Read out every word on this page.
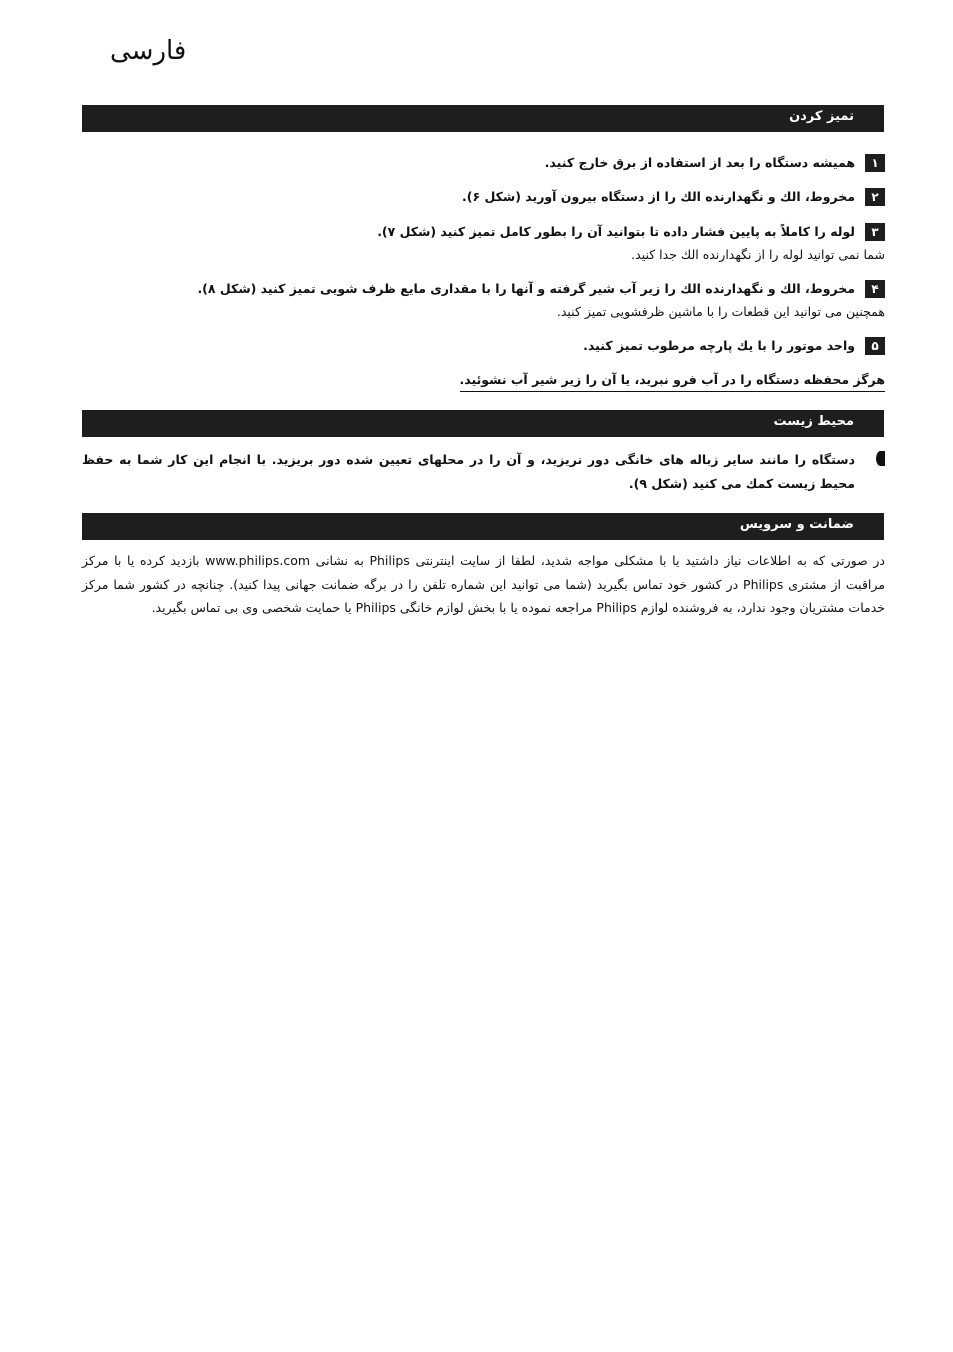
فارسی
تمیز کردن
۱
همیشه دستگاه را بعد از استفاده از برق خارج کنید.
۲
مخروط، الك و نگهدارنده الك را از دستگاه بیرون آورید (شکل ۶).
۳
لوله را كاملاً به پایین فشار داده تا بتوانید آن را بطور کامل تمیز کنید (شکل ۷).
شما نمی توانید لوله را از نگهدارنده الك جدا كنيد.
۴
مخروط، الك و نگهدارنده الك را زير آب شير گرفته و آنها را با مقداری مایع ظرف شویی تمیز کنید (شکل ۸).
همچنین می توانید این قطعات را با ماشین ظرفشویی تمیز کنید.
۵
واحد موتور را با يك پارچه مرطوب تميز كنيد.
هرگز محفظه دستگاه را در آب فرو نبرید، یا آن را زیر شیر آب نشوئید.
محیط زیست
دستگاه را مانند سایر زباله های خانگی دور نریزید، و آن را در محلهای تعیین شده دور بریزید. با انجام این کار شما به حفظ محیط زیست كمك می كنيد (شکل ۹).
ضمانت و سرویس
در صورتی که به اطلاعات نیاز داشتید یا با مشکلی مواجه شدید، لطفا از سایت اینترنتی Philips به نشانی www.philips.com بازدید کرده یا با مرکز مراقبت از مشتری Philips در کشور خود تماس بگیرید (شما می توانید این شماره تلفن را در برگه ضمانت جهانی پیدا کنید). چنانچه در کشور شما مرکز خدمات مشتریان وجود ندارد، به فروشنده لوازم Philips مراجعه نموده یا با بخش لوازم خانگی Philips یا حمایت شخصی وی بی تماس بگیرید.
